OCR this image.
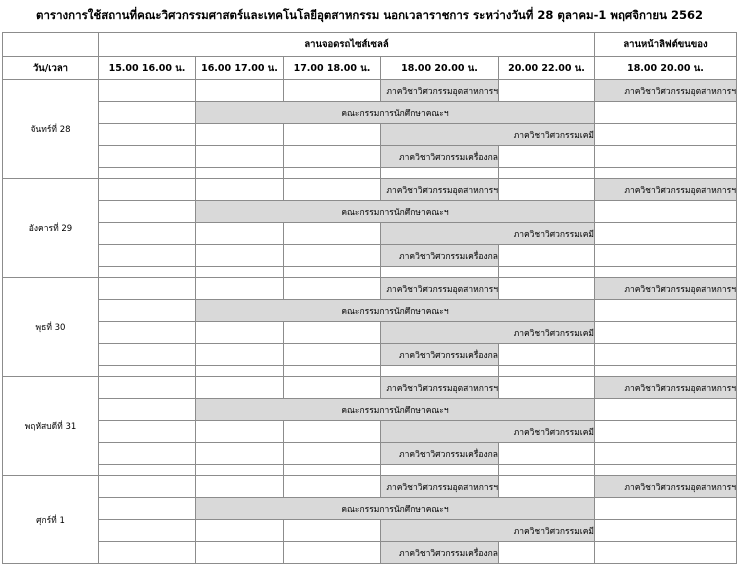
ตารางการใช้สถานที่คณะวิศวกรรมศาสตร์และเทคโนโลยีอุตสาหกรรม นอกเวลาราชการ ระหว่างวันที่ 28 ตุลาคม-1 พฤศจิกายน 2562
	ลานจอดรถไซส์เซลล์					ลานหน้าลิฟต์ขนของ
วัน/เวลา	15.00 16.00 น.	16.00 17.00 น.	17.00 18.00 น.	18.00 20.00 น.	20.00 22.00 น.	18.00 20.00 น.
จันทร์ที่ 28				ภาควิชาวิศวกรรมอุตสาหการฯ		ภาควิชาวิศวกรรมอุตสาหการฯ
		คณะกรรมการนักศึกษาคณะฯ				
				ภาควิชาวิศวกรรมเคมี		
				ภาควิชาวิศวกรรมเครื่องกล		

อังคารที่ 29				ภาควิชาวิศวกรรมอุตสาหการฯ		ภาควิชาวิศวกรรมอุตสาหการฯ
		คณะกรรมการนักศึกษาคณะฯ				
				ภาควิชาวิศวกรรมเคมี		
				ภาควิชาวิศวกรรมเครื่องกล		

พุธที่ 30				ภาควิชาวิศวกรรมอุตสาหการฯ		ภาควิชาวิศวกรรมอุตสาหการฯ
		คณะกรรมการนักศึกษาคณะฯ				
				ภาควิชาวิศวกรรมเคมี		
				ภาควิชาวิศวกรรมเครื่องกล		

พฤหัสบดีที่ 31				ภาควิชาวิศวกรรมอุตสาหการฯ		ภาควิชาวิศวกรรมอุตสาหการฯ
		คณะกรรมการนักศึกษาคณะฯ				
				ภาควิชาวิศวกรรมเคมี		
				ภาควิชาวิศวกรรมเครื่องกล		

ศุกร์ที่ 1				ภาควิชาวิศวกรรมอุตสาหการฯ		ภาควิชาวิศวกรรมอุตสาหการฯ
		คณะกรรมการนักศึกษาคณะฯ				
				ภาควิชาวิศวกรรมเคมี		
				ภาควิชาวิศวกรรมเครื่องกล		
